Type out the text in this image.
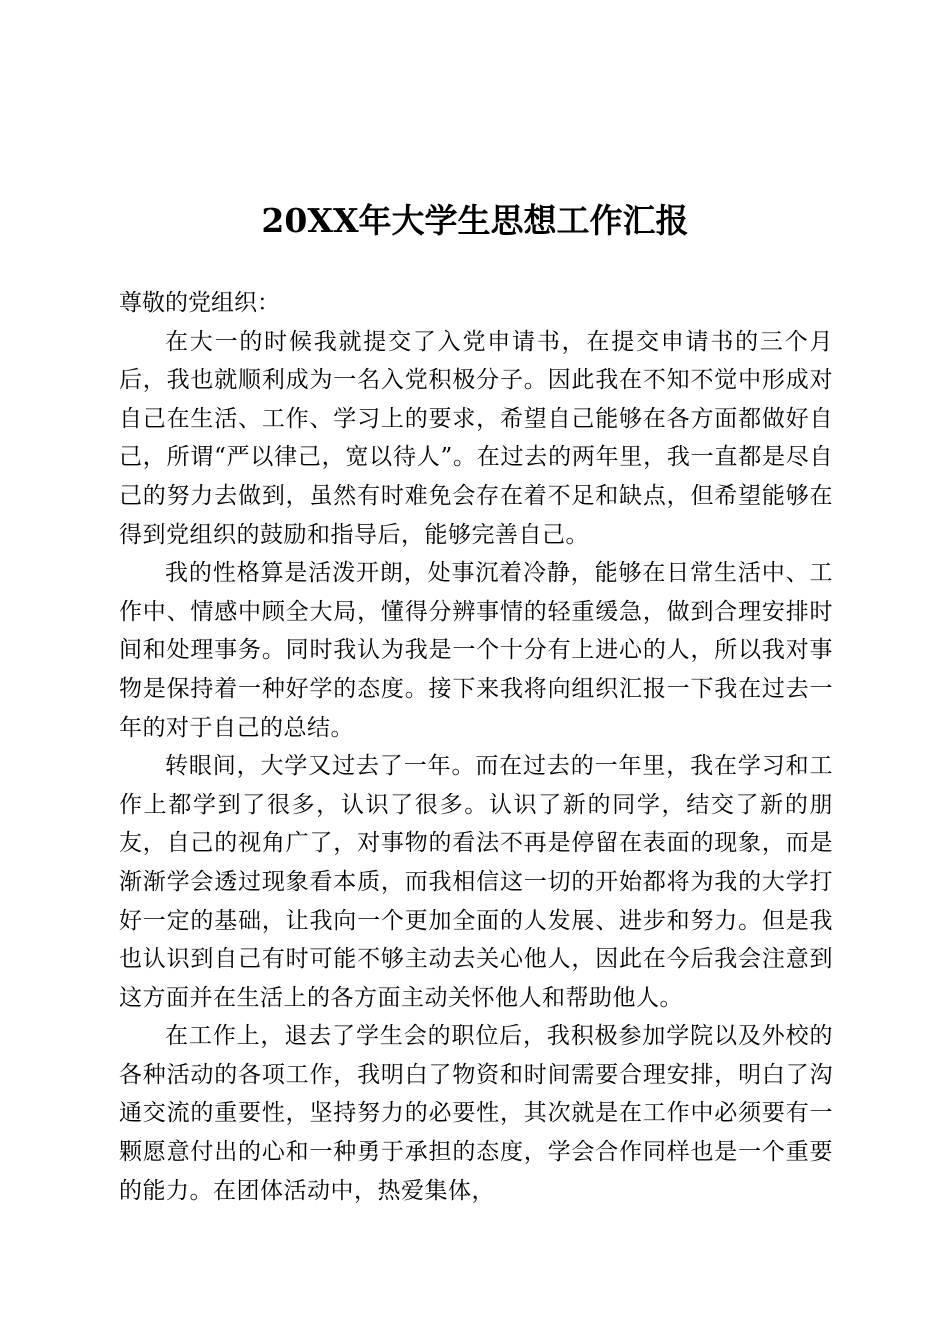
20XX年大学生思想工作汇报

尊敬的党组织：

在大一的时候我就提交了入党申请书，在提交申请书的三个月后，我也就顺利成为一名入党积极分子。因此我在不知不觉中形成对自己在生活、工作、学习上的要求，希望自己能够在各方面都做好自己，所谓“严以律己，宽以待人”。在过去的两年里，我一直都是尽自己的努力去做到，虽然有时难免会存在着不足和缺点，但希望能够在得到党组织的鼓励和指导后，能够完善自己。

我的性格算是活泼开朗，处事沉着冷静，能够在日常生活中、工作中、情感中顾全大局，懂得分辨事情的轻重缓急，做到合理安排时间和处理事务。同时我认为我是一个十分有上进心的人，所以我对事物是保持着一种好学的态度。接下来我将向组织汇报一下我在过去一年的对于自己的总结。

转眼间，大学又过去了一年。而在过去的一年里，我在学习和工作上都学到了很多，认识了很多。认识了新的同学，结交了新的朋友，自己的视角广了，对事物的看法不再是停留在表面的现象，而是渐渐学会透过现象看本质，而我相信这一切的开始都将为我的大学打好一定的基础，让我向一个更加全面的人发展、进步和努力。但是我也认识到自己有时可能不够主动去关心他人，因此在今后我会注意到这方面并在生活上的各方面主动关怀他人和帮助他人。

在工作上，退去了学生会的职位后，我积极参加学院以及外校的各种活动的各项工作，我明白了物资和时间需要合理安排，明白了沟通交流的重要性，坚持努力的必要性，其次就是在工作中必须要有一颗愿意付出的心和一种勇于承担的态度，学会合作同样也是一个重要的能力。在团体活动中，热爱集体，
